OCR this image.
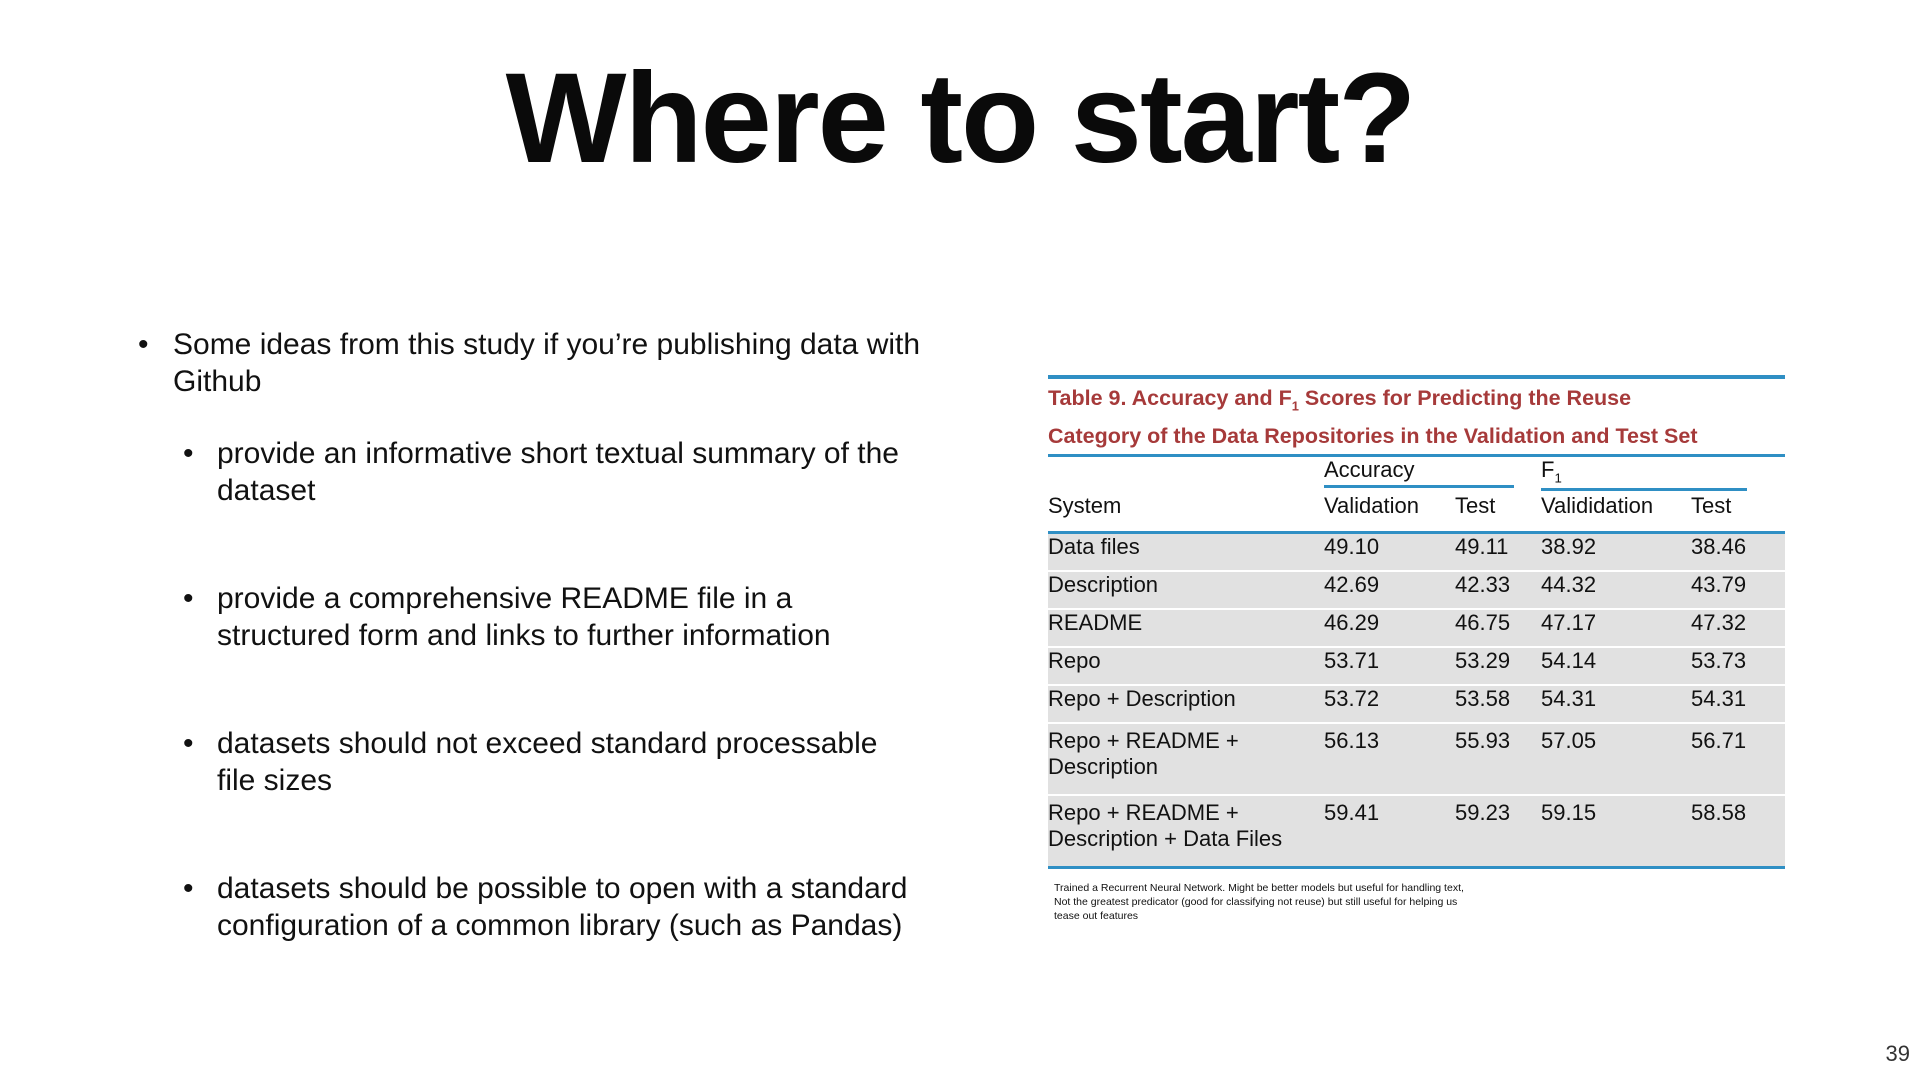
Where to start?
• Some ideas from this study if you’re publishing data with Github
• provide an informative short textual summary of the dataset
• provide a comprehensive README file in a structured form and links to further information
• datasets should not exceed standard processable file sizes
• datasets should be possible to open with a standard configuration of a common library (such as Pandas)
Table 9. Accuracy and $F_1$ Scores for Predicting the Reuse
Category of the Data Repositories in the Validation and Test Set
	Accuracy		$F_1$
System	Validation	Test	Valididation	Test

Data files	49.10	49.11	38.92	38.46

Description	42.69	42.33	44.32	43.79

README	46.29	46.75	47.17	47.32

Repo	53.71	53.29	54.14	53.73

Repo + Description	53.72	53.58	54.31	54.31

Repo + README +
Description	56.13	55.93	57.05	56.71

Repo + README +
Description + Data Files	59.41	59.23	59.15	58.58
Trained a Recurrent Neural Network. Might be better models but useful for handling text, Not the greatest predicator (good for classifying not reuse) but still useful for helping us tease out features
39
